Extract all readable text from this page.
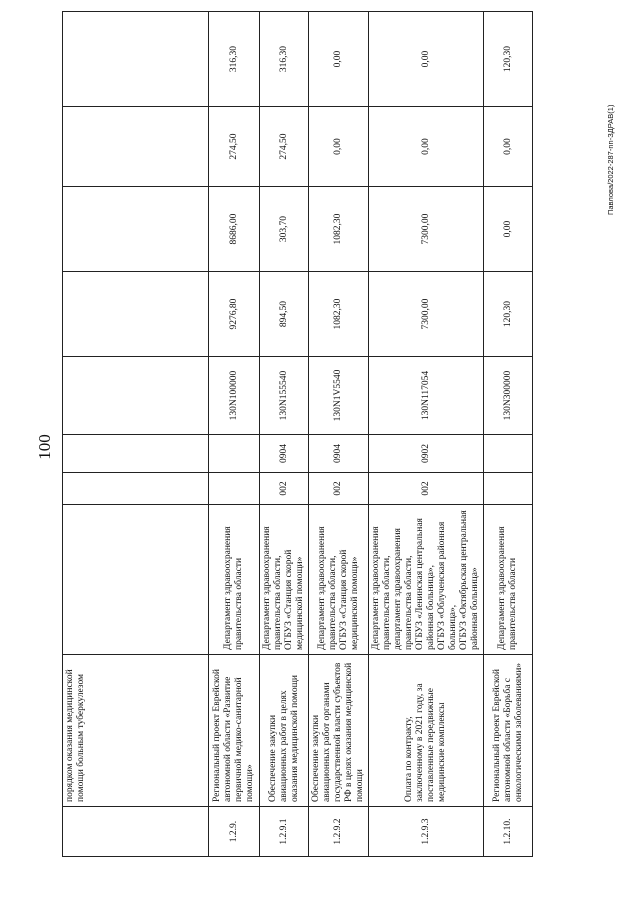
100
Павлова/2022-287-nn-ЗДРАВ(1)
	порядком оказания медицинской помощи больным туберкулезом								
1.2.9.	Региональный проект Еврейской автономной области «Развитие первичной медико-санитарной помощи»	Департамент здравоохранения правительства области			130N100000	9276,80	8686,00	274,50	316,30
1.2.9.1	Обеспечение закупки авиационных работ в целях оказания медицинской помощи	Департамент здравоохранения правительства области, ОГБУЗ «Станция скорой медицинской помощи»	002	0904	130N155540	894,50	303,70	274,50	316,30
1.2.9.2	Обеспечение закупки авиационных работ органами государственной власти субъектов РФ в целях оказания медицинской помощи	Департамент здравоохранения правительства области, ОГБУЗ «Станция скорой медицинской помощи»	002	0904	130N1V5540	1082,30	1082,30	0,00	0,00
1.2.9.3	Оплата по контракту, заключенному в 2021 году, за поставленные передвижные медицинские комплексы	Департамент здравоохранения правительства области, департамент здравоохранения правительства области, ОГБУЗ «Ленинская центральная районная больница», ОГБУЗ «Облученская районная больница», ОГБУЗ «Октябрьская центральная районная больница»	002	0902	130N117054	7300,00	7300,00	0,00	0,00
1.2.10.	Региональный проект Еврейской автономной области «Борьба с онкологическими заболеваниями»	Департамент здравоохранения правительства области			130N300000	120,30	0,00	0,00	120,30
